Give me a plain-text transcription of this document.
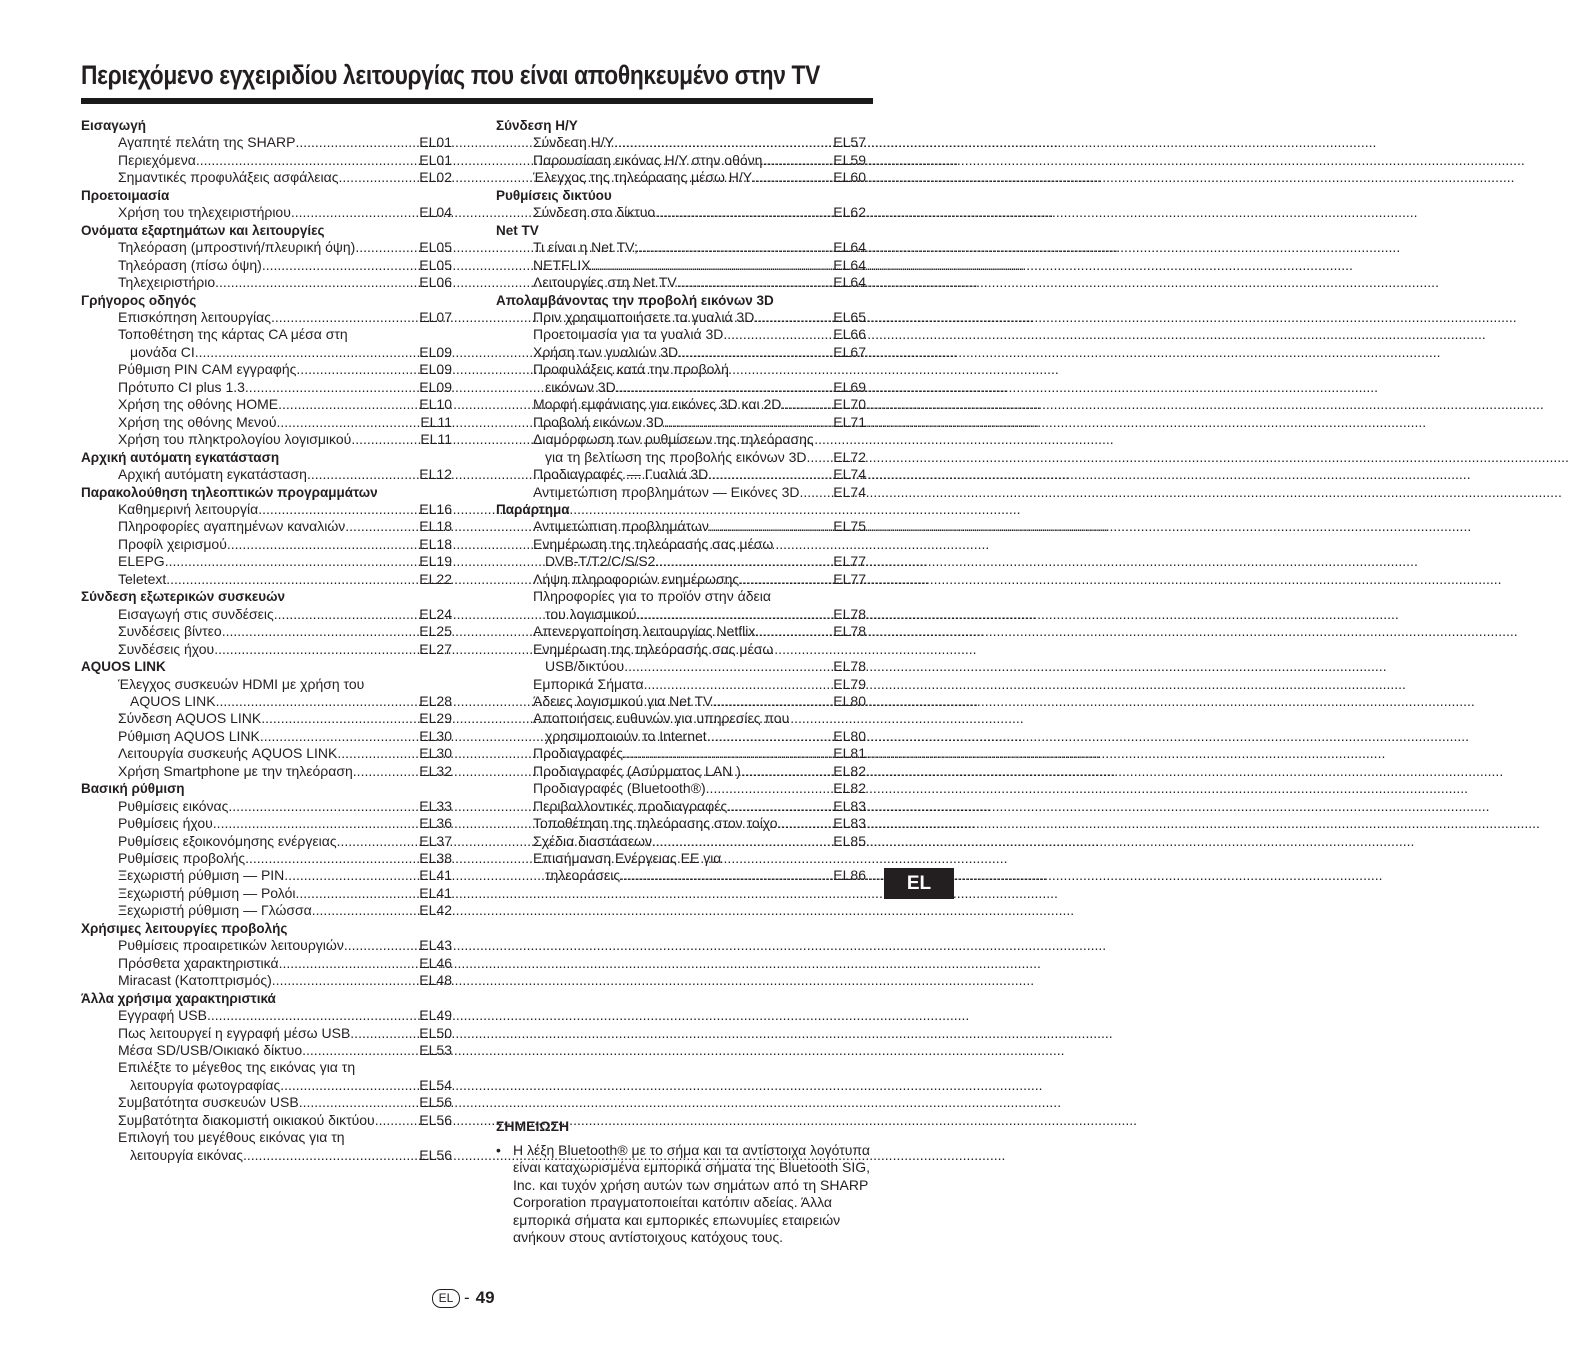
Περιεχόμενο εγχειριδίου λειτουργίας που είναι αποθηκευμένο στην TV
Εισαγωγή
Αγαπητέ πελάτη της SHARP .....	EL01
Περιεχόμενα .....	EL01
Σημαντικές προφυλάξεις ασφάλειας .....	EL02
Προετοιμασία
Χρήση του τηλεχειριστήριου .....	EL04
Ονόματα εξαρτημάτων και λειτουργίες
Τηλεόραση (μπροστινή/πλευρική όψη) .....	EL05
Τηλεόραση (πίσω όψη) .....	EL05
Τηλεχειριστήριο .....	EL06
Γρήγορος οδηγός
Επισκόπηση λειτουργίας .....	EL07
Τοποθέτηση της κάρτας CA μέσα στη
μονάδα CI .....	EL09
Ρύθμιση PIN CAM εγγραφής .....	EL09
Πρότυπο CI plus 1.3 .....	EL09
Χρήση της οθόνης HOME .....	EL10
Χρήση της οθόνης Μενού .....	EL11
Χρήση του πληκτρολογίου λογισμικού .....	EL11
Αρχική αυτόματη εγκατάσταση
Αρχική αυτόματη εγκατάσταση .....	EL12
Παρακολούθηση τηλεοπτικών προγραμμάτων
Καθημερινή λειτουργία .....	EL16
Πληροφορίες αγαπημένων καναλιών .....	EL18
Προφίλ χειρισμού .....	EL18
ELEPG .....	EL19
Teletext .....	EL22
Σύνδεση εξωτερικών συσκευών
Εισαγωγή στις συνδέσεις .....	EL24
Συνδέσεις βίντεο .....	EL25
Συνδέσεις ήχου .....	EL27
AQUOS LINK
Έλεγχος συσκευών HDMI με χρήση του
AQUOS LINK .....	EL28
Σύνδεση AQUOS LINK .....	EL29
Ρύθμιση AQUOS LINK .....	EL30
Λειτουργία συσκευής AQUOS LINK .....	EL30
Χρήση Smartphone με την τηλεόραση .....	EL32
Βασική ρύθμιση
Ρυθμίσεις εικόνας .....	EL33
Ρυθμίσεις ήχου .....	EL36
Ρυθμίσεις εξοικονόμησης ενέργειας .....	EL37
Ρυθμίσεις προβολής .....	EL38
Ξεχωριστή ρύθμιση — PIN .....	EL41
Ξεχωριστή ρύθμιση — Ρολόι .....	EL41
Ξεχωριστή ρύθμιση — Γλώσσα .....	EL42
Χρήσιμες λειτουργίες προβολής
Ρυθμίσεις προαιρετικών λειτουργιών .....	EL43
Πρόσθετα χαρακτηριστικά .....	EL46
Miracast (Κατοπτρισμός) .....	EL48
Άλλα χρήσιμα χαρακτηριστικά
Εγγραφή USB .....	EL49
Πως λειτουργεί η εγγραφή μέσω USB .....	EL50
Μέσα SD/USB/Οικιακό δίκτυο .....	EL53
Επιλέξτε το μέγεθος της εικόνας για τη
λειτουργία φωτογραφίας .....	EL54
Συμβατότητα συσκευών USB .....	EL56
Συμβατότητα διακομιστή οικιακού δικτύου .....	EL56
Επιλογή του μεγέθους εικόνας για τη
λειτουργία εικόνας .....	EL56
Σύνδεση Η/Υ
Σύνδεση Η/Υ .....	EL57
Παρουσίαση εικόνας Η/Υ στην οθόνη .....	EL59
Έλεγχος της τηλεόρασης μέσω Η/Υ .....	EL60
Ρυθμίσεις δικτύου
Σύνδεση στο δίκτυο .....	EL62
Net TV
Τι είναι η Net TV; .....	EL64
NETFLIX .....	EL64
Λειτουργίες στη Net TV .....	EL64
Απολαμβάνοντας την προβολή εικόνων 3D
Πριν χρησιμοποιήσετε τα γυαλιά 3D .....	EL65
Προετοιμασία για τα γυαλιά 3D .....	EL66
Χρήση των γυαλιών 3D .....	EL67
Προφυλάξεις κατά την προβολή
εικόνων 3D .....	EL69
Μορφή εμφάνισης για εικόνες 3D και 2D .....	EL70
Προβολή εικόνων 3D .....	EL71
Διαμόρφωση των ρυθμίσεων της τηλεόρασης
για τη βελτίωση της προβολής εικόνων 3D ..... EL72
Προδιαγραφές — Γυαλιά 3D .....	EL74
Αντιμετώπιση προβλημάτων — Εικόνες 3D ..... EL74
Παράρτημα
Αντιμετώπιση προβλημάτων .....	EL75
Ενημέρωση της τηλεόρασής σας μέσω
DVB-T/T2/C/S/S2 .....	EL77
Λήψη πληροφοριών ενημέρωσης .....	EL77
Πληροφορίες για το προϊόν στην άδεια
του λογισμικού .....	EL78
Απενεργοποίηση λειτουργίας Netflix .....	EL78
Ενημέρωση της τηλεόρασής σας μέσω
USB/δικτύου .....	EL78
Εμπορικά Σήματα .....	EL79
Άδειες λογισμικού για Net TV .....	EL80
Αποποιήσεις ευθυνών για υπηρεσίες που
χρησιμοποιούν το Internet .....	EL80
Προδιαγραφές .....	EL81
Προδιαγραφές (Ασύρματος LAN ) .....	EL82
Προδιαγραφές (Bluetooth®) .....	EL82
Περιβαλλοντικές προδιαγραφές .....	EL83
Τοποθέτηση της τηλεόρασης στον τοίχο .....	EL83
Σχέδια διαστάσεων .....	EL85
Επισήμανση Ενέργειας ΕΕ για
τηλεοράσεις .....	EL86	EL
ΣΗΜΕΙΩΣΗ
• Η λέξη Bluetooth® με το σήμα και τα αντίστοιχα λογότυπα είναι καταχωρισμένα εμπορικά σήματα της Bluetooth SIG, Inc. και τυχόν χρήση αυτών των σημάτων από τη SHARP Corporation πραγματοποιείται κατόπιν αδείας. Άλλα εμπορικά σήματα και εμπορικές επωνυμίες εταιρειών ανήκουν στους αντίστοιχους κατόχους τους.
EL - 49
